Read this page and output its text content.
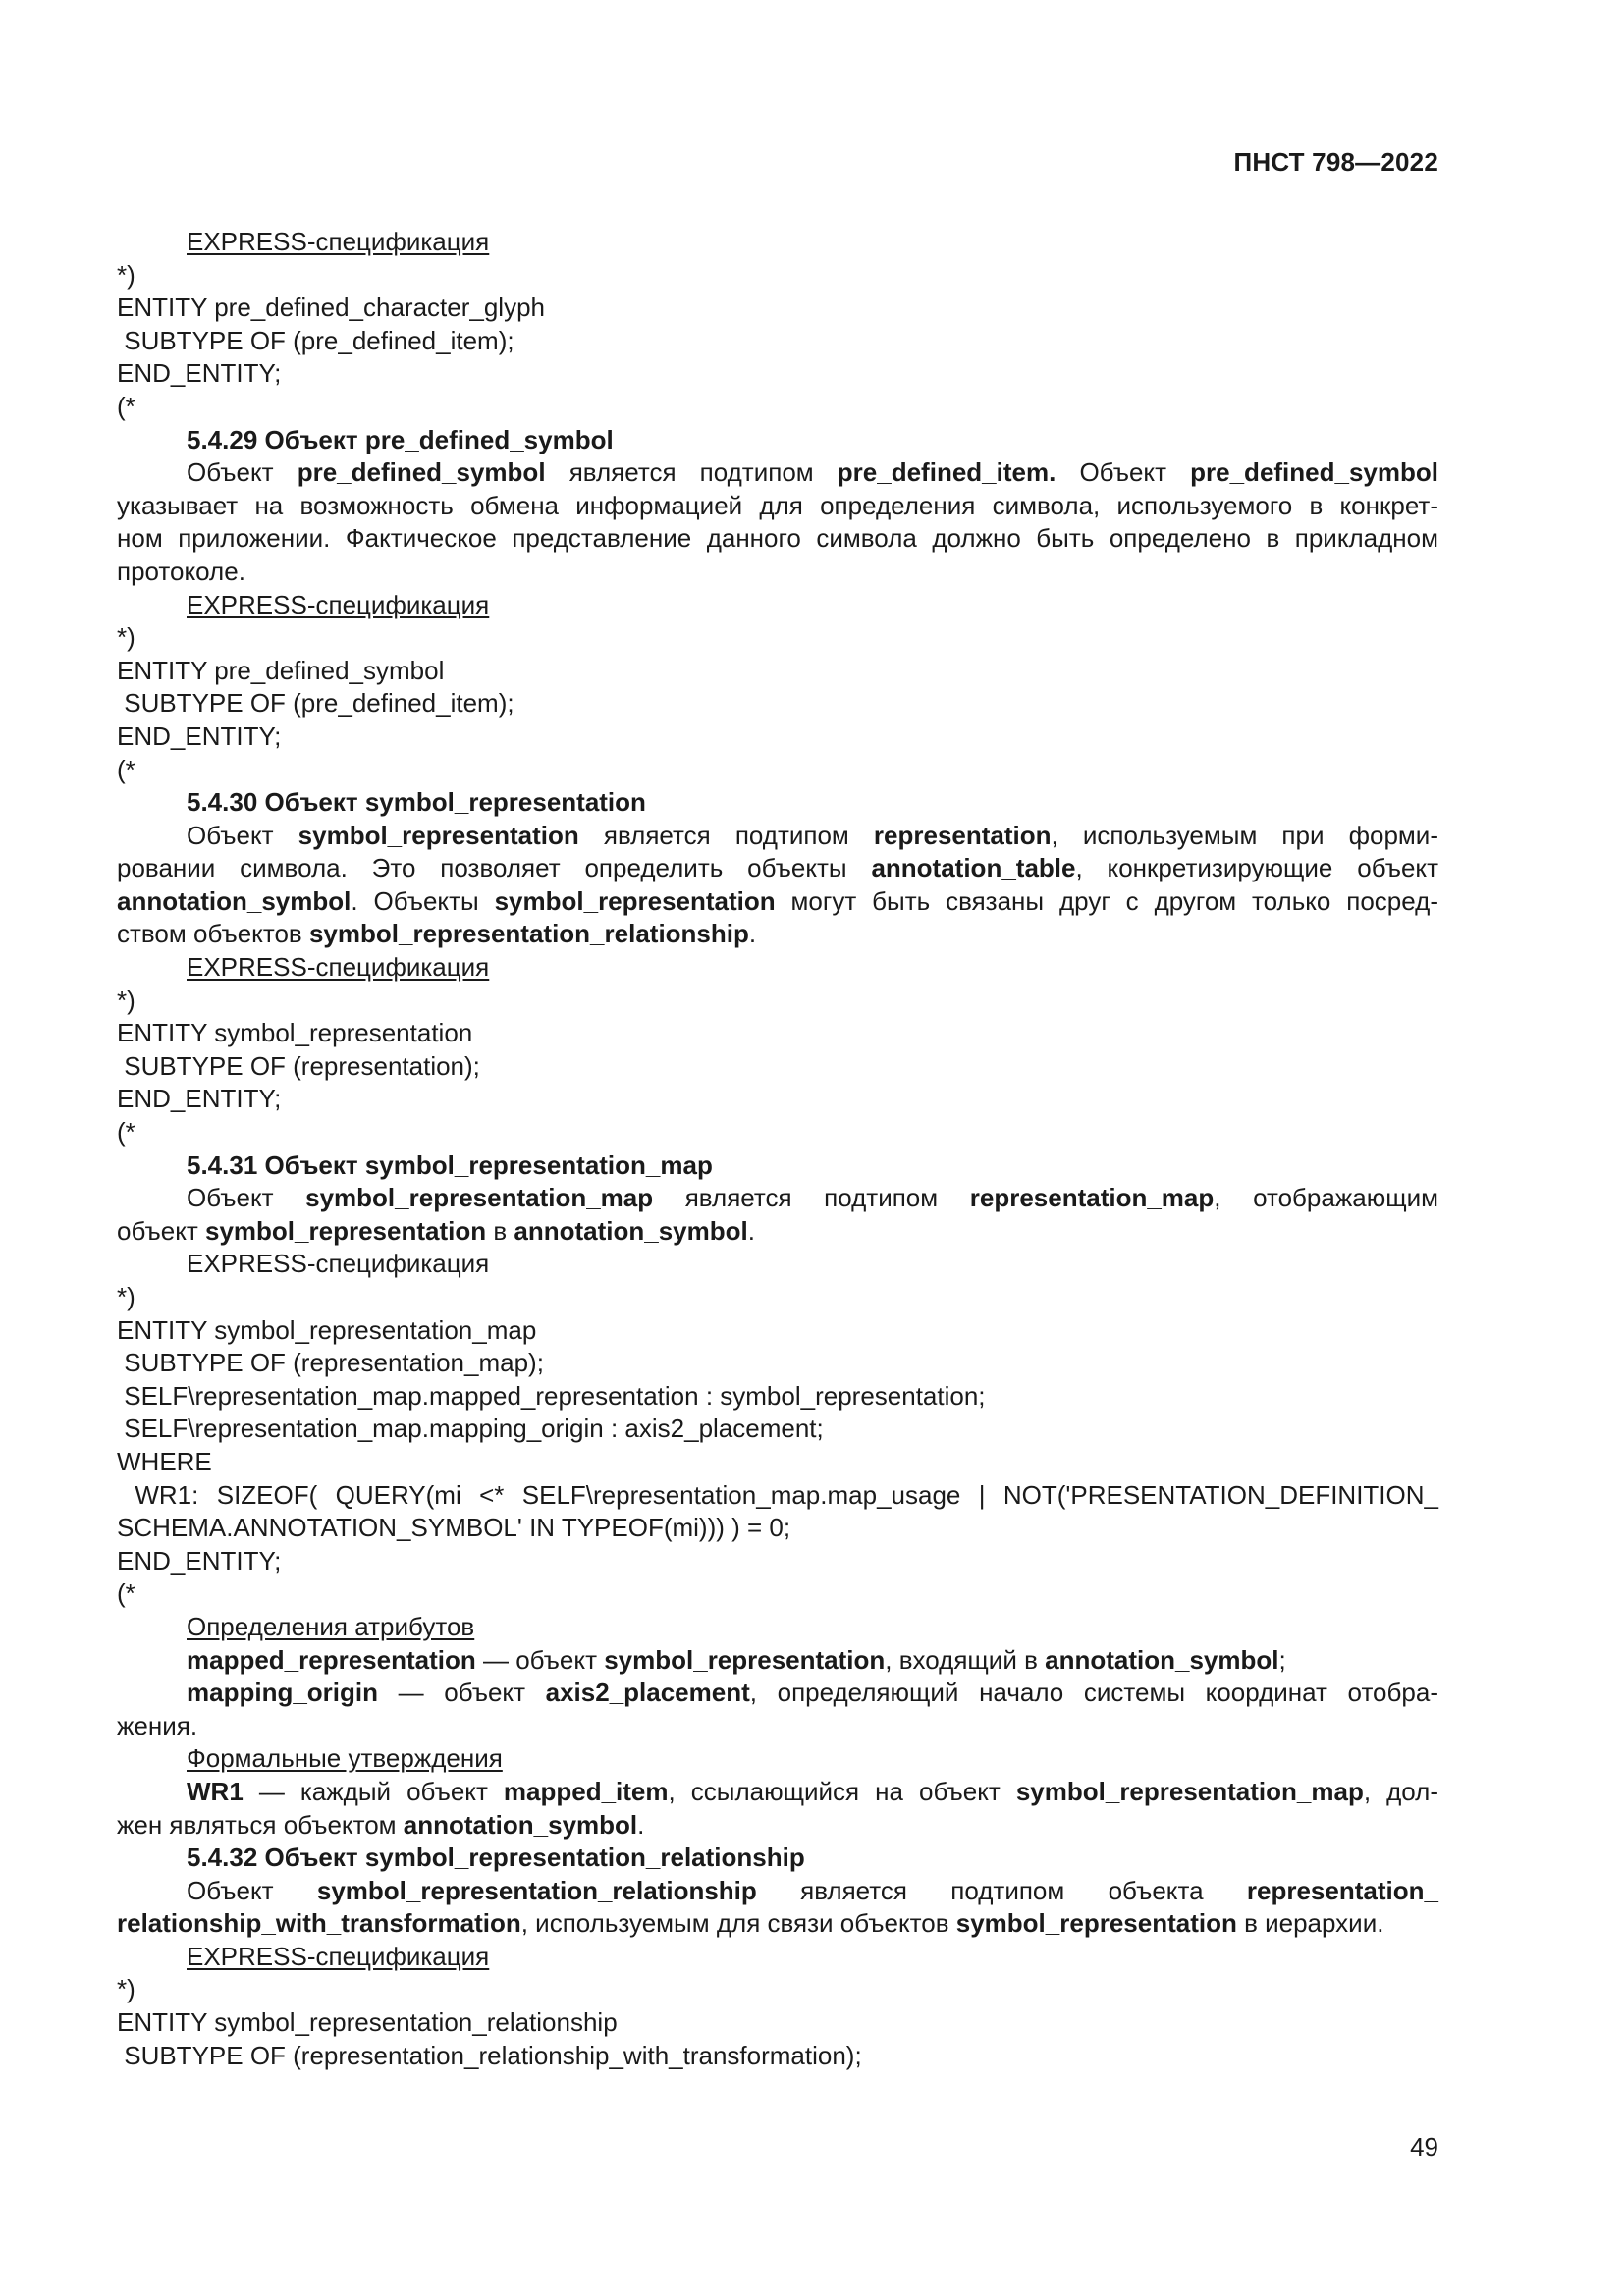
ПНСТ 798—2022
EXPRESS-спецификация
*)
ENTITY pre_defined_character_glyph
SUBTYPE OF (pre_defined_item);
END_ENTITY;
(*
5.4.29 Объект pre_defined_symbol
Объект pre_defined_symbol является подтипом pre_defined_item. Объект pre_defined_symbol
указывает на возможность обмена информацией для определения символа, используемого в конкрет-
ном приложении. Фактическое представление данного символа должно быть определено в прикладном
протоколе.
EXPRESS-спецификация
*)
ENTITY pre_defined_symbol
SUBTYPE OF (pre_defined_item);
END_ENTITY;
(*
5.4.30 Объект symbol_representation
Объект symbol_representation является подтипом representation, используемым при форми-
ровании символа. Это позволяет определить объекты annotation_table, конкретизирующие объект
annotation_symbol. Объекты symbol_representation могут быть связаны друг с другом только посред-
ством объектов symbol_representation_relationship.
EXPRESS-спецификация
*)
ENTITY symbol_representation
SUBTYPE OF (representation);
END_ENTITY;
(*
5.4.31 Объект symbol_representation_map
Объект symbol_representation_map является подтипом representation_map, отображающим
объект symbol_representation в annotation_symbol.
EXPRESS-спецификация
*)
ENTITY symbol_representation_map
SUBTYPE OF (representation_map);
SELF\representation_map.mapped_representation : symbol_representation;
SELF\representation_map.mapping_origin : axis2_placement;
WHERE
WR1: SIZEOF( QUERY(mi <* SELF\representation_map.map_usage | NOT('PRESENTATION_DEFINITION_
SCHEMA.ANNOTATION_SYMBOL' IN TYPEOF(mi))) ) = 0;
END_ENTITY;
(*
Определения атрибутов
mapped_representation — объект symbol_representation, входящий в annotation_symbol;
mapping_origin — объект axis2_placement, определяющий начало системы координат отобра-
жения.
Формальные утверждения
WR1 — каждый объект mapped_item, ссылающийся на объект symbol_representation_map, дол-
жен являться объектом annotation_symbol.
5.4.32 Объект symbol_representation_relationship
Объект symbol_representation_relationship является подтипом объекта representation_
relationship_with_transformation, используемым для связи объектов symbol_representation в иерархии.
EXPRESS-спецификация
*)
ENTITY symbol_representation_relationship
SUBTYPE OF (representation_relationship_with_transformation);
49
